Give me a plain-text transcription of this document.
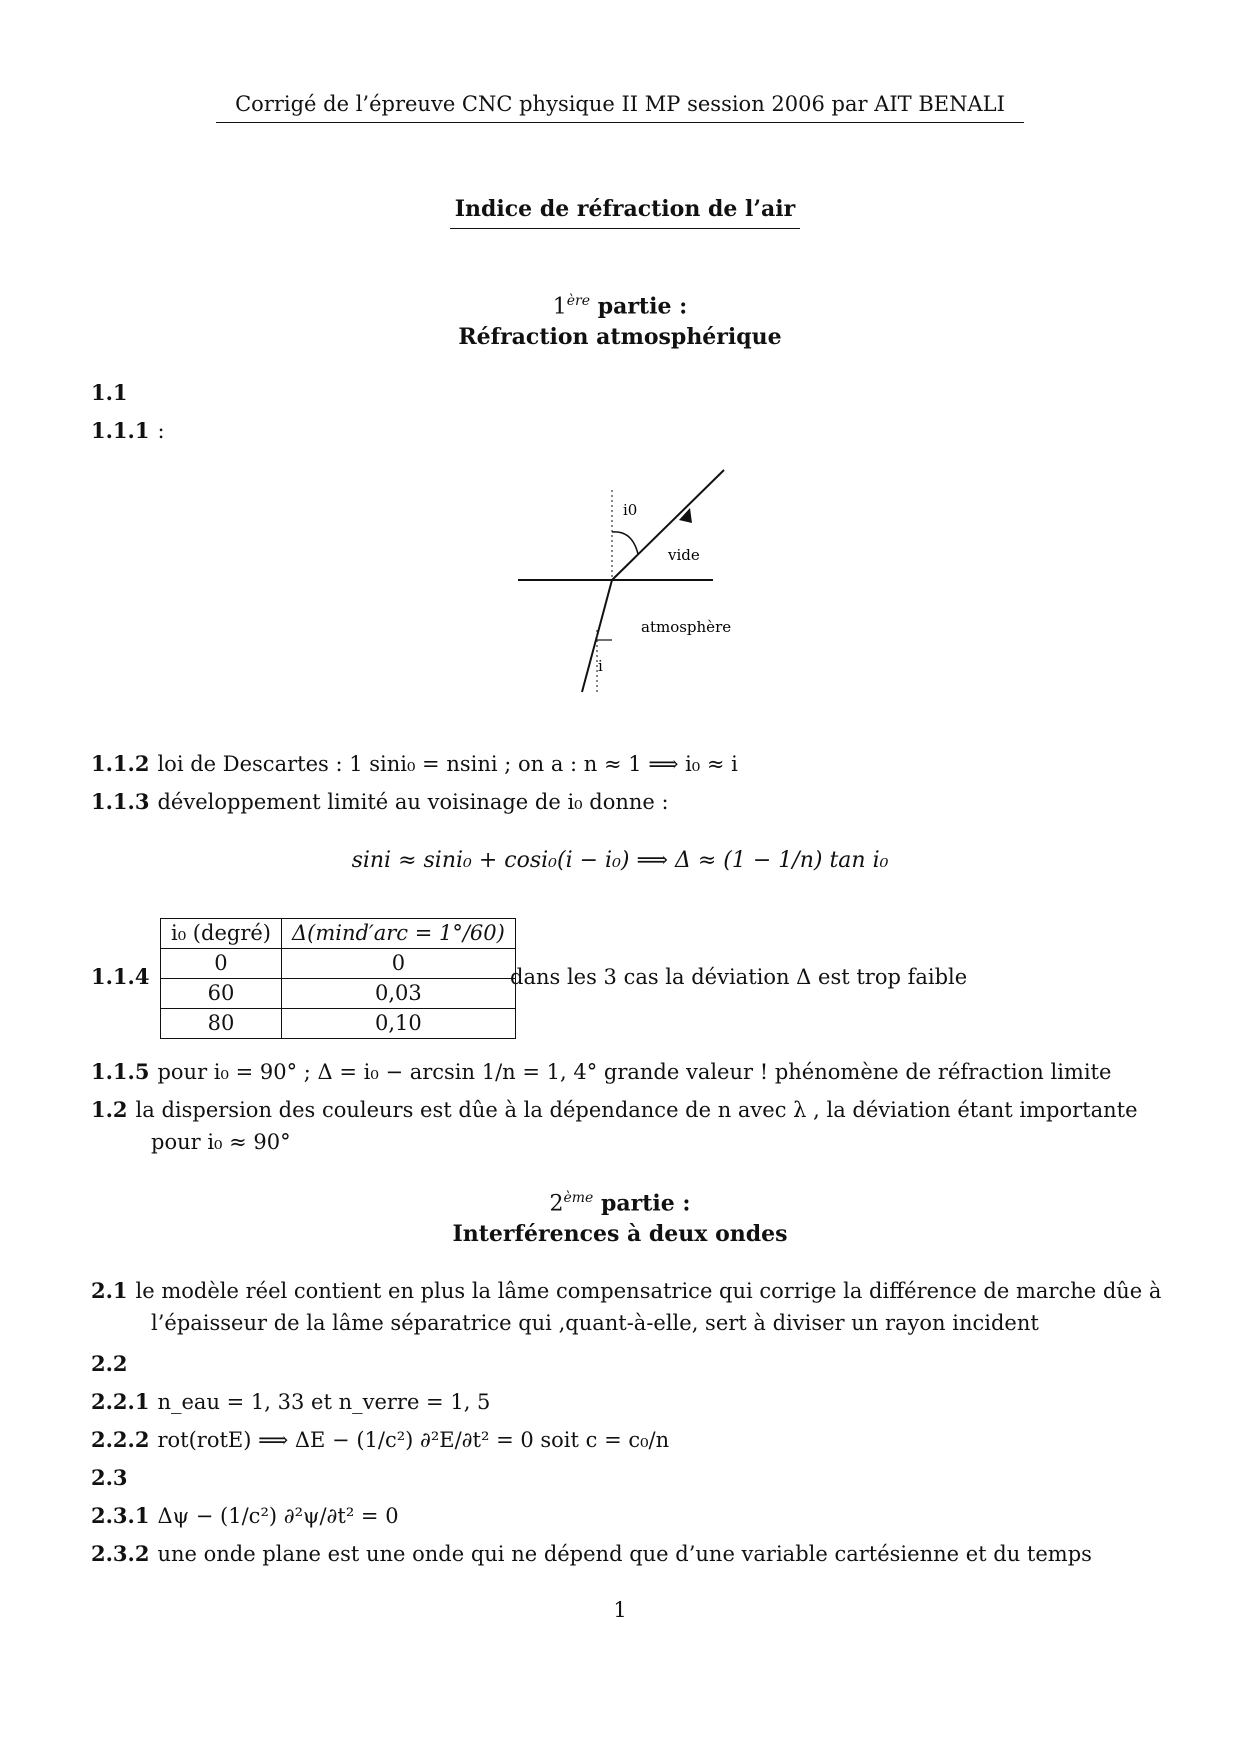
Corrigé de l’épreuve CNC physique II MP session 2006 par AIT BENALI
Indice de réfraction de l’air
1ère partie :
Réfraction atmosphérique
1.1
1.1.1 :
i0
vide
atmosphère
i
1.1.2 loi de Descartes : 1 sini₀ = nsini ; on a : n ≈ 1 ⟹ i₀ ≈ i
1.1.3 développement limité au voisinage de i₀ donne :
sini ≈ sini₀ + cosi₀(i − i₀) ⟹ Δ ≈ (1 − 1/n) tan i₀
1.1.4
i₀ (degré)	Δ(mind′arc = 1°/60)
0	0
60	0,03
80	0,10
dans les 3 cas la déviation Δ est trop faible
1.1.5 pour i₀ = 90° ; Δ = i₀ − arcsin 1/n = 1, 4° grande valeur ! phénomène de réfraction limite
1.2 la dispersion des couleurs est dûe à la dépendance de n avec λ , la déviation étant importante
pour i₀ ≈ 90°
2ème partie :
Interférences à deux ondes
2.1 le modèle réel contient en plus la lâme compensatrice qui corrige la différence de marche dûe à
l’épaisseur de la lâme séparatrice qui ,quant-à-elle, sert à diviser un rayon incident
2.2
2.2.1 n_eau = 1, 33 et n_verre = 1, 5
2.2.2 rot(rotE) ⟹ ΔE − (1/c²) ∂²E/∂t² = 0 soit c = c₀/n
2.3
2.3.1 Δψ − (1/c²) ∂²ψ/∂t² = 0
2.3.2 une onde plane est une onde qui ne dépend que d’une variable cartésienne et du temps
1
